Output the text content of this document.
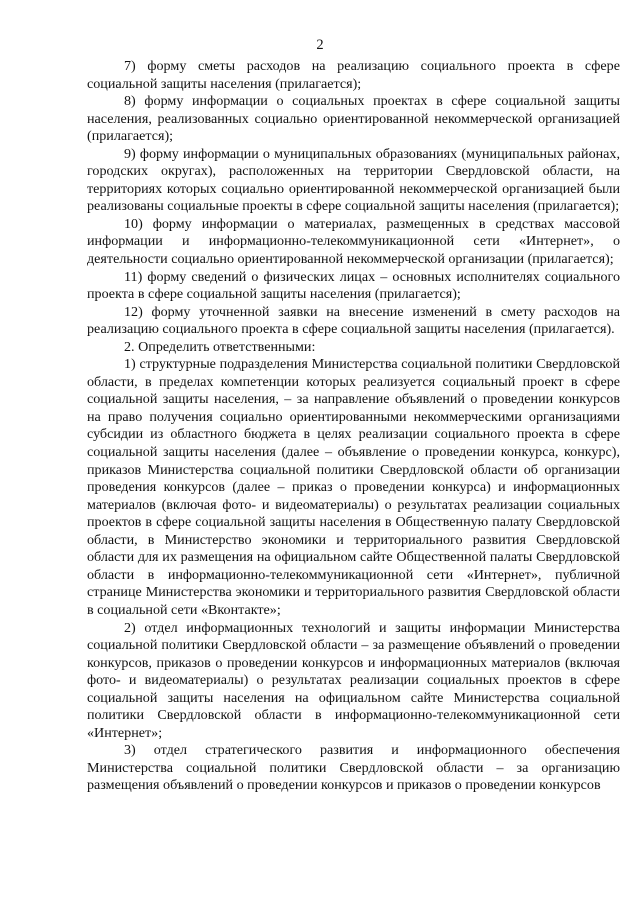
2

7) форму сметы расходов на реализацию социального проекта в сфере социальной защиты населения (прилагается);

8) форму информации о социальных проектах в сфере социальной защиты населения, реализованных социально ориентированной некоммерческой организацией (прилагается);

9) форму информации о муниципальных образованиях (муниципальных районах, городских округах), расположенных на территории Свердловской области, на территориях которых социально ориентированной некоммерческой организацией были реализованы социальные проекты в сфере социальной защиты населения (прилагается);

10) форму информации о материалах, размещенных в средствах массовой информации и информационно-телекоммуникационной сети «Интернет», о деятельности социально ориентированной некоммерческой организации (прилагается);

11) форму сведений о физических лицах – основных исполнителях социального проекта в сфере социальной защиты населения (прилагается);

12) форму уточненной заявки на внесение изменений в смету расходов на реализацию социального проекта в сфере социальной защиты населения (прилагается).

2. Определить ответственными:

1) структурные подразделения Министерства социальной политики Свердловской области, в пределах компетенции которых реализуется социальный проект в сфере социальной защиты населения, – за направление объявлений о проведении конкурсов на право получения социально ориентированными некоммерческими организациями субсидии из областного бюджета в целях реализации социального проекта в сфере социальной защиты населения (далее – объявление о проведении конкурса, конкурс), приказов Министерства социальной политики Свердловской области об организации проведения конкурсов (далее – приказ о проведении конкурса) и информационных материалов (включая фото- и видеоматериалы) о результатах реализации социальных проектов в сфере социальной защиты населения в Общественную палату Свердловской области, в Министерство экономики и территориального развития Свердловской области для их размещения на официальном сайте Общественной палаты Свердловской области в информационно-телекоммуникационной сети «Интернет», публичной странице Министерства экономики и территориального развития Свердловской области в социальной сети «Вконтакте»;

2) отдел информационных технологий и защиты информации Министерства социальной политики Свердловской области – за размещение объявлений о проведении конкурсов, приказов о проведении конкурсов и информационных материалов (включая фото- и видеоматериалы) о результатах реализации социальных проектов в сфере социальной защиты населения на официальном сайте Министерства социальной политики Свердловской области в информационно-телекоммуникационной сети «Интернет»;

3) отдел стратегического развития и информационного обеспечения Министерства социальной политики Свердловской области – за организацию размещения объявлений о проведении конкурсов и приказов о проведении конкурсов
